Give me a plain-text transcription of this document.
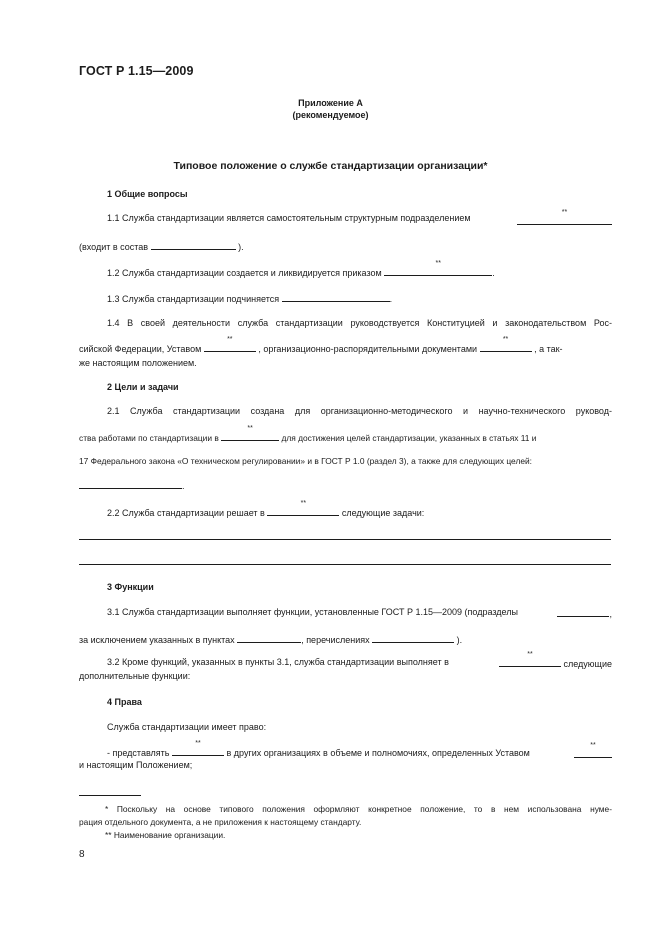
ГОСТ Р 1.15—2009
Приложение А
(рекомендуемое)
Типовое положение о службе стандартизации организации*
1 Общие вопросы
1.1 Служба стандартизации является самостоятельным структурным подразделением
**
(входит в состав	).
1.2 Служба стандартизации создается и ликвидируется приказом
**
.
1.3 Служба стандартизации подчиняется	.
1.4 В своей деятельности служба стандартизации руководствуется Конституцией и законодательством Рос-
сийской Федерации, Уставом
**
, организационно-распорядительными документами
**
, а так-
же настоящим положением.
2 Цели и задачи
2.1 Служба стандартизации создана для организационно-методического и научно-технического руковод-
ства работами по стандартизации в
**
для достижения целей стандартизации, указанных в статьях 11 и
17 Федерального закона «О техническом регулировании» и в ГОСТ Р 1.0 (раздел 3), а также для следующих целей:
.
2.2 Служба стандартизации решает в
**
следующие задачи:
3 Функции
3.1 Служба стандартизации выполняет функции, установленные ГОСТ Р 1.15—2009 (подразделы	,
за исключением указанных в пунктах	, перечислениях	).
3.2 Кроме функций, указанных в пункты 3.1, служба стандартизации выполняет в
**
следующие
дополнительные функции:
4 Права
Служба стандартизации имеет право:
- представлять
**
в других организациях в объеме и полномочиях, определенных Уставом
**
и настоящим Положением;
* Поскольку на основе типового положения оформляют конкретное положение, то в нем использована нуме-
рация отдельного документа, а не приложения к настоящему стандарту.
** Наименование организации.
8
